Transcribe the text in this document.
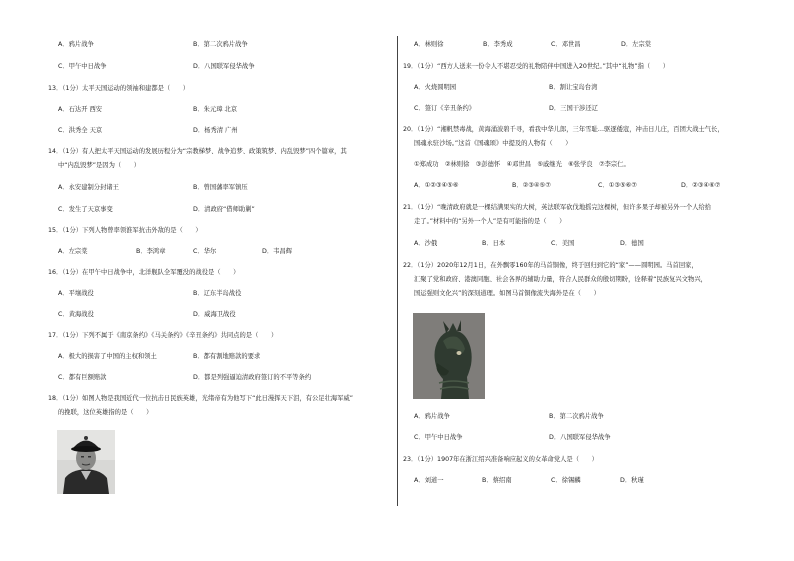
A．鸦片战争	B．第二次鸦片战争
C．甲午中日战争	D．八国联军侵华战争
13．（1分）太平天国运动的领袖和建都是（　　）
A．石达开 西安	B．朱元璋 北京
C．洪秀全 天京	D．杨秀清 广州
14．（1分）有人把太平天国运动的发展历程分为“宗教梯梦、战争追梦、政策筑梦、内乱毁梦”四个篇章，其
中“内乱毁梦”是因为（　　）
A．永安建制分封诸王	B．曾国藩率军镇压
C．发生了天京事变	D．清政府“借师助剿”
15．（1分）下列人物曾率领淮军抗击外敌的是（　　）
A．左宗棠	B．李鸿章	C．华尔	D．韦昌辉
16．（1分）在甲午中日战争中，北洋舰队全军覆没的战役是（　　）
A．平壤战役	B．辽东半岛战役
C．黄海战役	D．威海卫战役
17．（1分）下列不属于《南京条约》《马关条约》《辛丑条约》共同点的是（　　）
A．极大的损害了中国的主权和领土	B．都有割地赔款的要求
C．都有巨额赔款	D．都是列强逼迫清政府签订的不平等条约
18．（1分）如图人物是我国近代一位抗击日民族英雄，光绪帝有为他写下“此日漫挥天下泪，有公足壮海军威”
的挽联，这位英雄指的是（　　）
A．林则徐	B．李秀成	C．邓世昌	D．左宗棠
19．（1分）“西方人送来一份令人不堪忍受的礼物陪伴中国进入20世纪。”其中“礼物”指（　　）
A．火烧圆明园	B．割让宝岛台湾
C．签订《辛丑条约》	D．三国干涉还辽
20．（1分）“湘帆禁毒战，黄海涌波碧千寻，看我中华儿郎，三年雪耻…驱逐倭寇，冲击日儿庄，百团大战士气长，
国魂永驻沙场。”这首《国魂颂》中提及的人物有（　　）
①郑成功　②林则徐　③彭德怀　④邓世昌　⑤戚继光　⑥张学良　⑦李宗仁。
A．①②③④⑤⑥	B．②③④⑤⑦	C．①③⑤⑥⑦	D．②③④⑥⑦
21．（1分）“晚清政府就是一棵结满果实的大树，英法联军砍伐地摇完这棵树，但许多果子却被另外一个人给拾
走了。”材料中的“另外一个人”是有可能指的是（　　）
A．沙俄	B．日本	C．美国	D．德国
22．（1分）2020年12月1日，在外飘零160年的马首铜像，终于回归到它的“家”——圆明园。马首回家，
汇聚了党和政府、港澳同胞、社会各界的辅助力量，符合人民群众的殷切期盼，诠释着“民族复兴文物兴，
国运强则文化兴”的深刻道理。如图马首铜像流失海外是在（　　）
A．鸦片战争	B．第二次鸦片战争
C．甲午中日战争	D．八国联军侵华战争
23．（1分）1907年在浙江绍兴准备响应起义的女革命党人是（　　）
A．刘道一	B．蔡绍南	C．徐锡麟	D．秋瑾
